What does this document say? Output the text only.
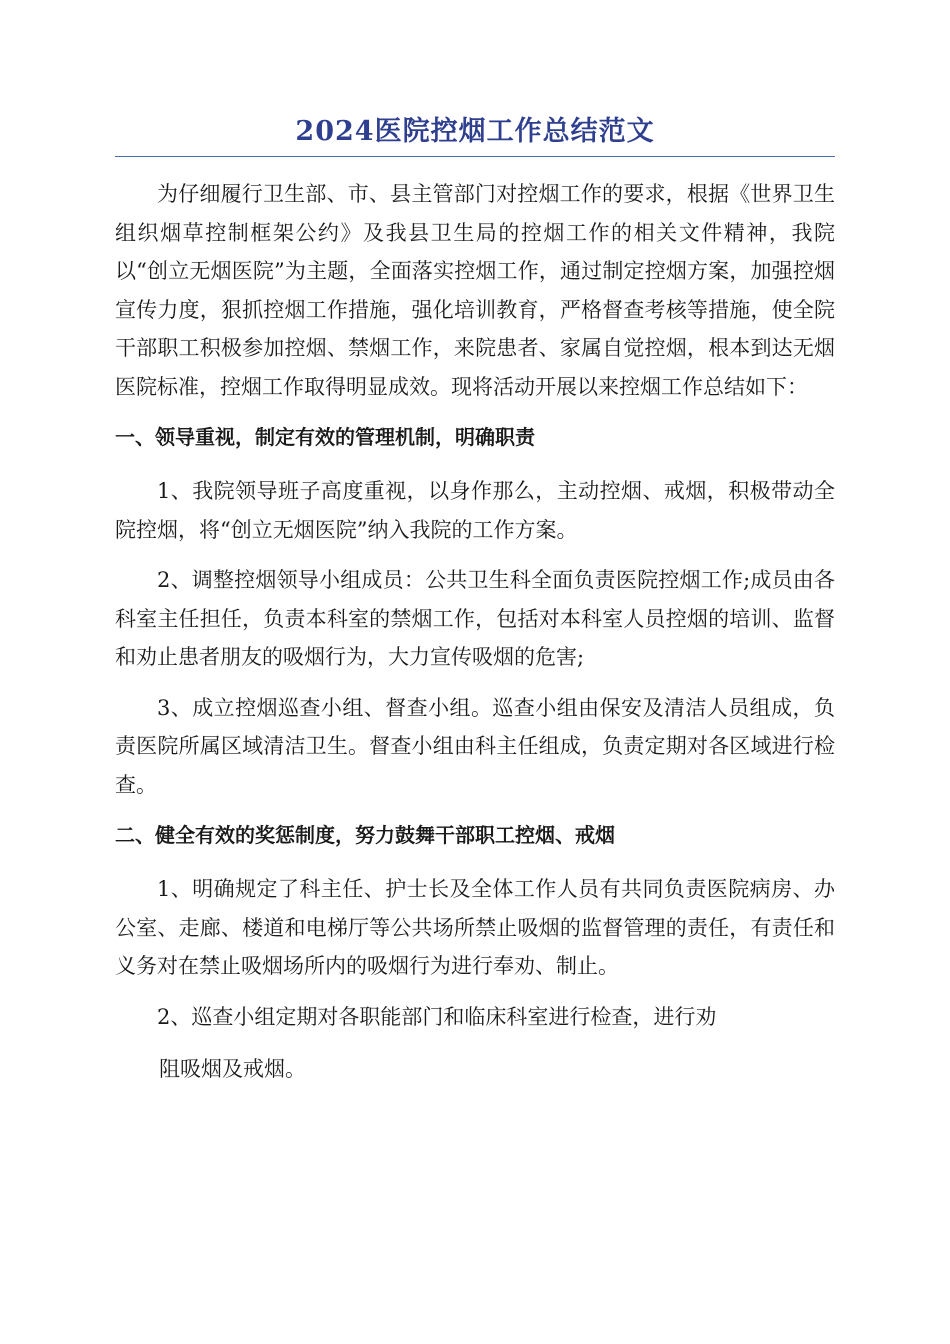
2024医院控烟工作总结范文

为仔细履行卫生部、市、县主管部门对控烟工作的要求，根据《世界卫生组织烟草控制框架公约》及我县卫生局的控烟工作的相关文件精神，我院以“创立无烟医院”为主题，全面落实控烟工作，通过制定控烟方案，加强控烟宣传力度，狠抓控烟工作措施，强化培训教育，严格督查考核等措施，使全院干部职工积极参加控烟、禁烟工作，来院患者、家属自觉控烟，根本到达无烟医院标准，控烟工作取得明显成效。现将活动开展以来控烟工作总结如下：

一、领导重视，制定有效的管理机制，明确职责

1、我院领导班子高度重视，以身作那么，主动控烟、戒烟，积极带动全院控烟，将“创立无烟医院”纳入我院的工作方案。

2、调整控烟领导小组成员：公共卫生科全面负责医院控烟工作;成员由各科室主任担任，负责本科室的禁烟工作，包括对本科室人员控烟的培训、监督和劝止患者朋友的吸烟行为，大力宣传吸烟的危害;

3、成立控烟巡查小组、督查小组。巡查小组由保安及清洁人员组成，负责医院所属区域清洁卫生。督查小组由科主任组成，负责定期对各区域进行检查。

二、健全有效的奖惩制度，努力鼓舞干部职工控烟、戒烟

1、明确规定了科主任、护士长及全体工作人员有共同负责医院病房、办公室、走廊、楼道和电梯厅等公共场所禁止吸烟的监督管理的责任，有责任和义务对在禁止吸烟场所内的吸烟行为进行奉劝、制止。

2、巡查小组定期对各职能部门和临床科室进行检查，进行劝

阻吸烟及戒烟。
